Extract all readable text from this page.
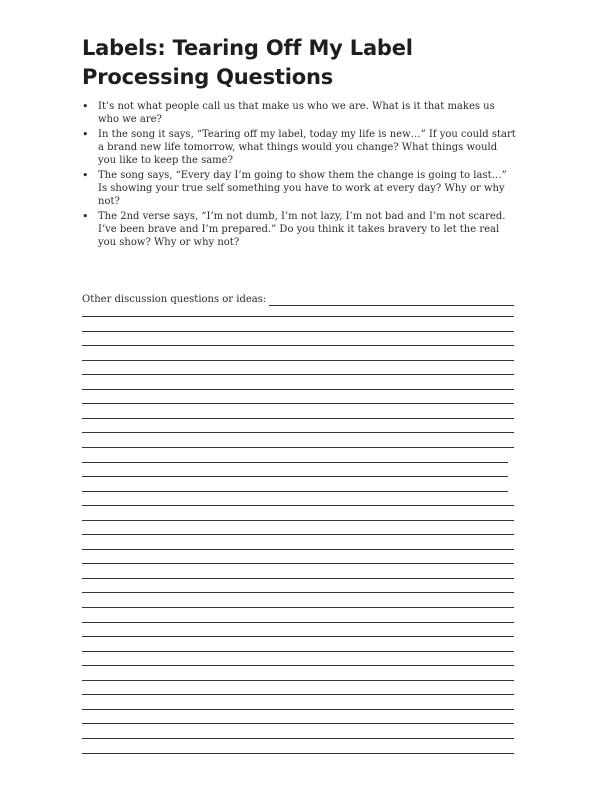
Labels: Tearing Off My Label
Processing Questions
• It’s not what people call us that make us who we are. What is it that makes us who we are?
• In the song it says, “Tearing off my label, today my life is new…” If you could start a brand new life tomorrow, what things would you change? What things would you like to keep the same?
• The song says, “Every day I’m going to show them the change is going to last…” Is showing your true self something you have to work at every day? Why or why not?
• The 2nd verse says, “I’m not dumb, I’m not lazy, I’m not bad and I’m not scared. I’ve been brave and I’m prepared.” Do you think it takes bravery to let the real you show? Why or why not?
Other discussion questions or ideas:
